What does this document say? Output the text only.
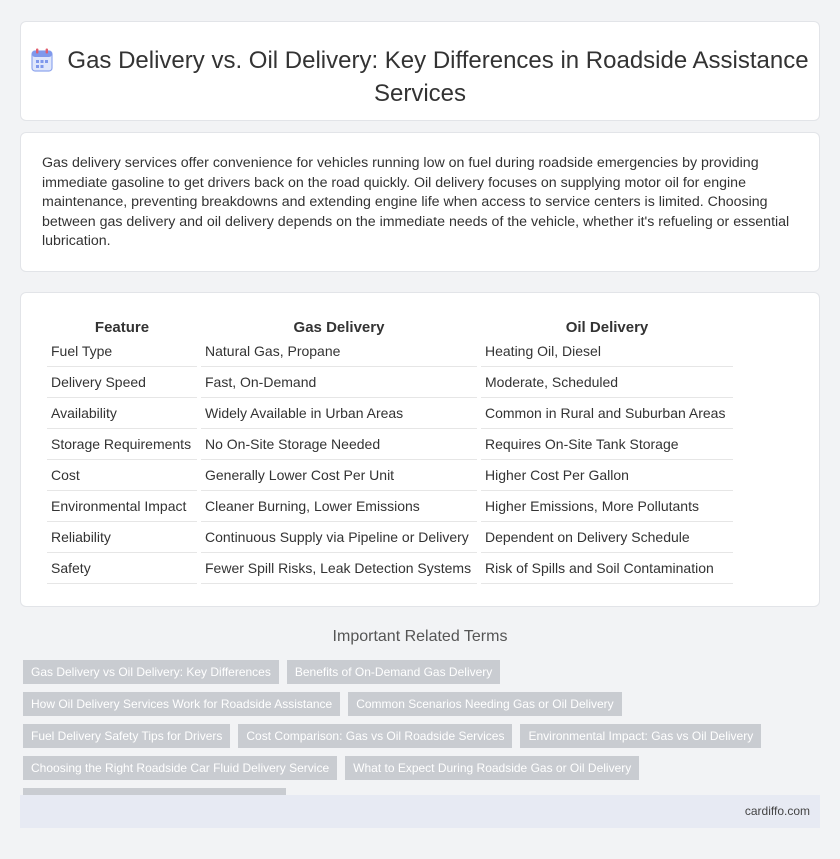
Gas Delivery vs. Oil Delivery: Key Differences in Roadside Assistance Services
Gas delivery services offer convenience for vehicles running low on fuel during roadside emergencies by providing immediate gasoline to get drivers back on the road quickly. Oil delivery focuses on supplying motor oil for engine maintenance, preventing breakdowns and extending engine life when access to service centers is limited. Choosing between gas delivery and oil delivery depends on the immediate needs of the vehicle, whether it's refueling or essential lubrication.
Feature	Gas Delivery	Oil Delivery
Fuel Type	Natural Gas, Propane	Heating Oil, Diesel
Delivery Speed	Fast, On-Demand	Moderate, Scheduled
Availability	Widely Available in Urban Areas	Common in Rural and Suburban Areas
Storage Requirements	No On-Site Storage Needed	Requires On-Site Tank Storage
Cost	Generally Lower Cost Per Unit	Higher Cost Per Gallon
Environmental Impact	Cleaner Burning, Lower Emissions	Higher Emissions, More Pollutants
Reliability	Continuous Supply via Pipeline or Delivery	Dependent on Delivery Schedule
Safety	Fewer Spill Risks, Leak Detection Systems	Risk of Spills and Soil Contamination
Important Related Terms
Gas Delivery vs Oil Delivery: Key Differences	Benefits of On-Demand Gas Delivery
How Oil Delivery Services Work for Roadside Assistance	Common Scenarios Needing Gas or Oil Delivery
Fuel Delivery Safety Tips for Drivers	Cost Comparison: Gas vs Oil Roadside Services	Environmental Impact: Gas vs Oil Delivery
Choosing the Right Roadside Car Fluid Delivery Service	What to Expect During Roadside Gas or Oil Delivery
cardiffo.com
